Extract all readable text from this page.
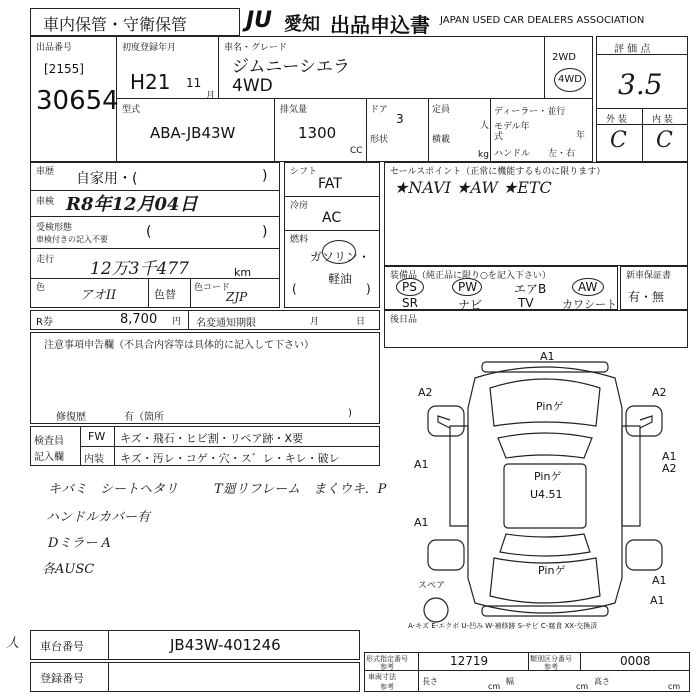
車内保管・守衛保管	JU 愛知 出品申込書 JAPAN USED CAR DEALERS ASSOCIATION
出品番号
[2155]
30654
初度登録年月
H21 11
月
車名・グレード
ジムニーシエラ
4WD
2WD
4WD
型式
ABA-JB43W
排気量
1300
CC
ドア
3
形状
定員
人
横載
kg
ディーラー・並行
モデル年式	年
ハンドル 左・右
評 価 点
3.5
外 装	内 装
C C
車歴 自家用・(	)
車検 R8年12月04日
受検形態
車検付きの記入不要	(	)
走行 12万3千477	km
色	アオII	色替 色コード
ZJP
シフト
FAT
冷房
AC
燃料
ガソリン・軽油
(	)
セールスポイント（正常に機能するものに限ります）
★NAVI ★AW ★ETC
装備品（純正品に限り○を記入下さい）
PS	PW	エアB	AW
SR	ナビ	TV	カワシート
新車保証書
有・無
R券	8,700 円 名変通知期限	月	日	後日品
注意事項申告欄（不具合内容等は具体的に記入して下さい）
修復歴	有（箇所	)
検査員
記入欄
FW キズ・飛石・ヒビ割・リペア跡・X要
内装 キズ・汚レ・コゲ・穴・ス゛レ・キレ・破レ
キバミ　シートヘタリ	T廻リフレーム　まくウキ．P
ハンドルカバー有
Dミラー A
各AUSC
A1
A2	A2
A1
A1
A2
A1
A1
A1
Pinゲ
Pinゲ
U4.51
Pinゲ
スペア
A-キズ E-エクボ U-凹み W-補修跡 S-サビ C-腐食 XX-交換済
人 車台番号	JB43W-401246
登録番号
形式指定番号
参考	12719	類別区分番号
参考	0008
車両寸法
参考
長さ
cm
幅
cm
高さ
cm
